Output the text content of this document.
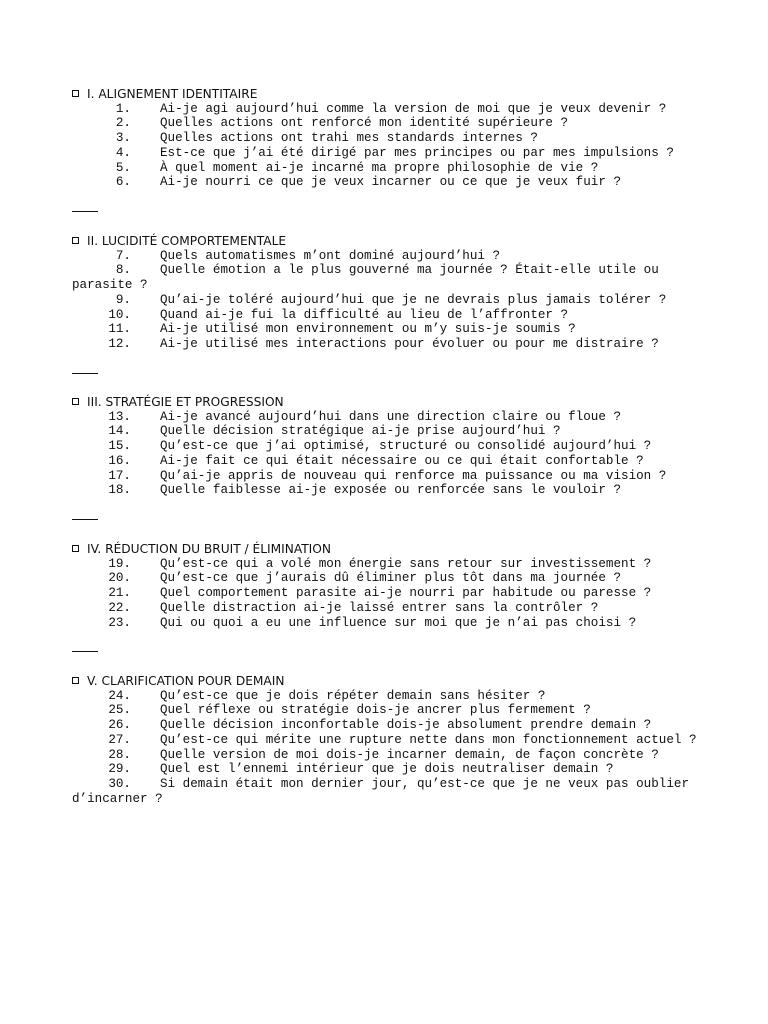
I. ALIGNEMENT IDENTITAIRE
1. Ai-je agi aujourd’hui comme la version de moi que je veux devenir ?
2. Quelles actions ont renforcé mon identité supérieure ?
3. Quelles actions ont trahi mes standards internes ?
4. Est-ce que j’ai été dirigé par mes principes ou par mes impulsions ?
5. À quel moment ai-je incarné ma propre philosophie de vie ?
6. Ai-je nourri ce que je veux incarner ou ce que je veux fuir ?
II. LUCIDITÉ COMPORTEMENTALE
7. Quels automatismes m’ont dominé aujourd’hui ?
8. Quelle émotion a le plus gouverné ma journée ? Était-elle utile ou
parasite ?
9. Qu’ai-je toléré aujourd’hui que je ne devrais plus jamais tolérer ?
10. Quand ai-je fui la difficulté au lieu de l’affronter ?
11. Ai-je utilisé mon environnement ou m’y suis-je soumis ?
12. Ai-je utilisé mes interactions pour évoluer ou pour me distraire ?
III. STRATÉGIE ET PROGRESSION
13. Ai-je avancé aujourd’hui dans une direction claire ou floue ?
14. Quelle décision stratégique ai-je prise aujourd’hui ?
15. Qu’est-ce que j’ai optimisé, structuré ou consolidé aujourd’hui ?
16. Ai-je fait ce qui était nécessaire ou ce qui était confortable ?
17. Qu’ai-je appris de nouveau qui renforce ma puissance ou ma vision ?
18. Quelle faiblesse ai-je exposée ou renforcée sans le vouloir ?
IV. RÉDUCTION DU BRUIT / ÉLIMINATION
19. Qu’est-ce qui a volé mon énergie sans retour sur investissement ?
20. Qu’est-ce que j’aurais dû éliminer plus tôt dans ma journée ?
21. Quel comportement parasite ai-je nourri par habitude ou paresse ?
22. Quelle distraction ai-je laissé entrer sans la contrôler ?
23. Qui ou quoi a eu une influence sur moi que je n’ai pas choisi ?
V. CLARIFICATION POUR DEMAIN
24. Qu’est-ce que je dois répéter demain sans hésiter ?
25. Quel réflexe ou stratégie dois-je ancrer plus fermement ?
26. Quelle décision inconfortable dois-je absolument prendre demain ?
27. Qu’est-ce qui mérite une rupture nette dans mon fonctionnement actuel ?
28. Quelle version de moi dois-je incarner demain, de façon concrète ?
29. Quel est l’ennemi intérieur que je dois neutraliser demain ?
30. Si demain était mon dernier jour, qu’est-ce que je ne veux pas oublier
d’incarner ?
